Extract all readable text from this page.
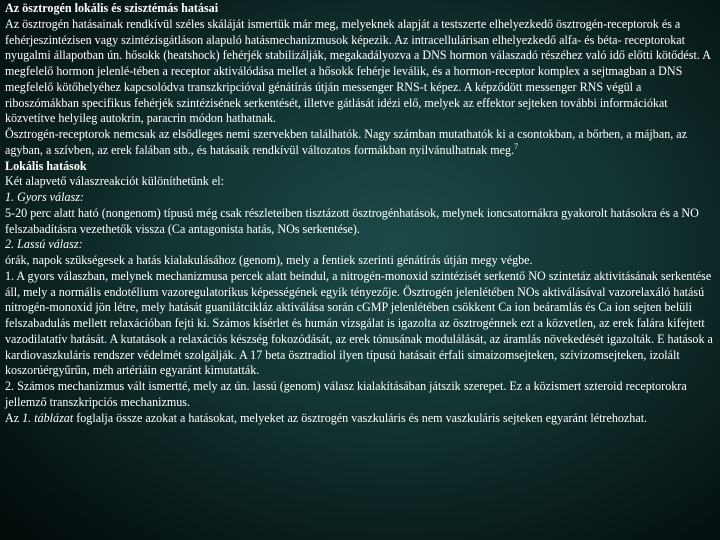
Az ösztrogén lokális és szisztémás hatásai

Az ösztrogén hatásainak rendkívül széles skáláját ismertük már meg, melyeknek alapját a testszerte elhelyezkedő ösztrogén-receptorok és a fehérjeszintézisen vagy szintézisgátláson alapuló hatásmechanizmusok képezik. Az intracellulárisan elhelyezkedő alfa- és béta- receptorokat nyugalmi állapotban ún. hősokk (heatshock) fehérjék stabilizálják, megakadályozva a DNS hormon válaszadó részéhez való idő előtti kötődést. A megfelelő hormon jelenlé-tében a receptor aktiválódása mellet a hősokk fehérje leválik, és a hormon-receptor komplex a sejtmagban a DNS megfelelő kötőhelyéhez kapcsolódva transzkripcióval génátírás útján messenger RNS-t képez. A képződött messenger RNS végül a riboszómákban specifikus fehérjék szintézisének serkentését, illetve gátlását idézi elő, melyek az effektor sejteken további információkat közvetítve helyileg autokrin, paracrin módon hathatnak.

Ösztrogén-receptorok nemcsak az elsődleges nemi szervekben találhatók. Nagy számban mutathatók ki a csontokban, a bőrben, a májban, az agyban, a szívben, az erek falában stb., és hatásaik rendkívül változatos formákban nyilvánulhatnak meg.$^7$

Lokális hatások

Két alapvető válaszreakciót különíthetünk el:

1. Gyors válasz:

5-20 perc alatt ható (nongenom) típusú még csak részleteiben tisztázott ösztrogénhatások, melynek ioncsatornákra gyakorolt hatásokra és a NO felszabadításra vezethetők vissza (Ca antagonista hatás, NOs serkentése).

2. Lassú válasz:

órák, napok szükségesek a hatás kialakulásához (genom), mely a fentiek szerinti génátírás útján megy végbe.

1. A gyors válaszban, melynek mechanizmusa percek alatt beindul, a nitrogén-monoxid szintézisét serkentő NO szintetáz aktivitásának serkentése áll, mely a normális endotélium vazoregulatorikus képességének egyik tényezője. Ösztrogén jelenlétében NOs aktiválásával vazorelaxáló hatású nitrogén-monoxid jön létre, mely hatását guanilátcikláz aktiválása során cGMP jelenlétében csökkent Ca ion beáramlás és Ca ion sejten belüli felszabadulás mellett relaxációban fejti ki. Számos kísérlet és humán vizsgálat is igazolta az ösztrogénnek ezt a közvetlen, az erek falára kifejtett vazodilatatív hatását. A kutatások a relaxációs készség fokozódását, az erek tónusának modulálását, az áramlás növekedését igazolták. E hatások a kardiovaszkuláris rendszer védelmét szolgálják. A 17 beta ösztradiol ilyen típusú hatásait érfali simaizomsejteken, szívizomsejteken, izolált koszorúérgyűrűn, méh artériáin egyaránt kimutatták.

2. Számos mechanizmus vált ismertté, mely az ún. lassú (genom) válasz kialakításában játszik szerepet. Ez a közismert szteroid receptorokra jellemző transzkripciós mechanizmus.

Az 1. táblázat foglalja össze azokat a hatásokat, melyeket az ösztrogén vaszkuláris és nem vaszkuláris sejteken egyaránt létrehozhat.
